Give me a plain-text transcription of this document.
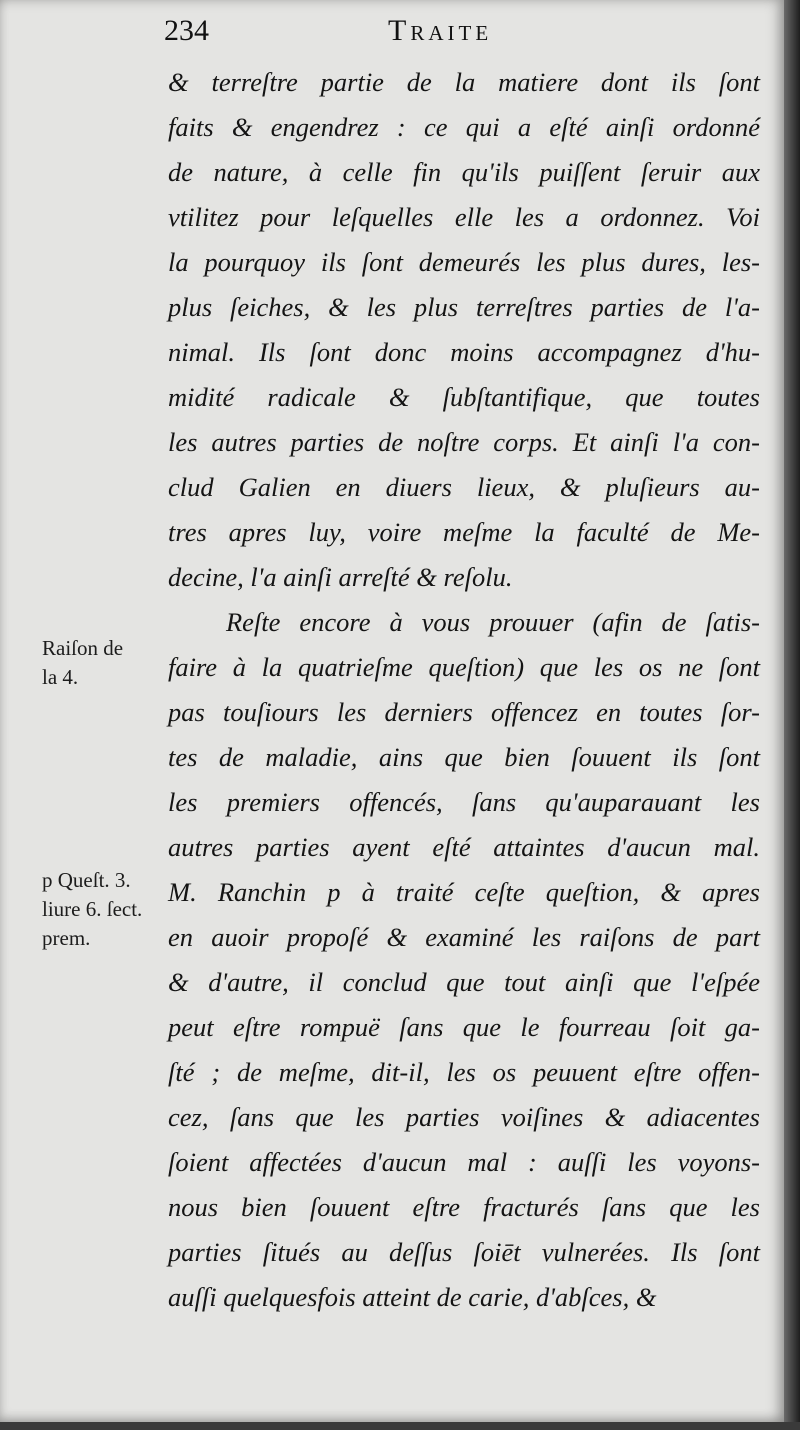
234	Traite
Raiſon de
la 4.
p Queſt. 3.
liure 6. ſect.
prem.
& terreſtre partie de la matiere dont ils ſont
faits & engendrez : ce qui a eſté ainſi ordonné
de nature, à celle fin qu'ils puiſſent ſeruir aux
vtilitez pour leſquelles elle les a ordonnez. Voi
la pourquoy ils ſont demeurés les plus dures, les-
plus ſeiches, & les plus terreſtres parties de l'a-
nimal. Ils ſont donc moins accompagnez d'hu-
midité radicale & ſubſtantifique, que toutes
les autres parties de noſtre corps. Et ainſi l'a con-
clud Galien en diuers lieux, & pluſieurs au-
tres apres luy, voire meſme la faculté de Me-
decine, l'a ainſi arreſté & reſolu.
Reſte encore à vous prouuer (afin de ſatis-
faire à la quatrieſme queſtion) que les os ne ſont
pas touſiours les derniers offencez en toutes ſor-
tes de maladie, ains que bien ſouuent ils ſont
les premiers offencés, ſans qu'auparauant les
autres parties ayent eſté attaintes d'aucun mal.
M. Ranchin p à traité ceſte queſtion, & apres
en auoir propoſé & examiné les raiſons de part
& d'autre, il conclud que tout ainſi que l'eſpée
peut eſtre rompuë ſans que le fourreau ſoit ga-
ſté ; de meſme, dit-il, les os peuuent eſtre offen-
cez, ſans que les parties voiſines & adiacentes
ſoient affectées d'aucun mal : auſſi les voyons-
nous bien ſouuent eſtre fracturés ſans que les
parties ſitués au deſſus ſoiēt vulnerées. Ils ſont
auſſi quelquesfois atteint de carie, d'abſces, &
